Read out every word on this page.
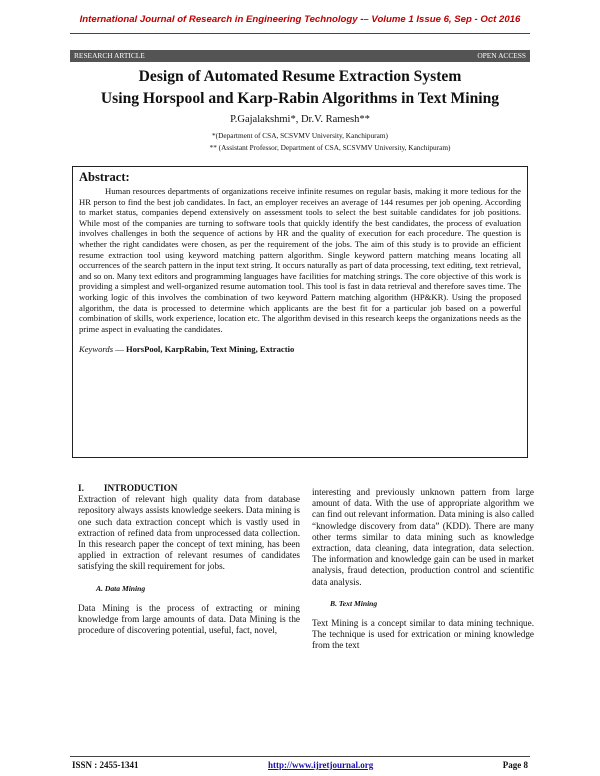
International Journal of Research in Engineering Technology -– Volume 1 Issue 6, Sep - Oct 2016
RESEARCH ARTICLE	OPEN ACCESS
Design of Automated Resume Extraction System
Using Horspool and Karp-Rabin Algorithms in Text Mining
P.Gajalakshmi*, Dr.V. Ramesh**
*(Department of CSA, SCSVMV University, Kanchipuram)
** (Assistant Professor, Department of CSA, SCSVMV University, Kanchipuram)

Abstract:

Human resources departments of organizations receive infinite resumes on regular basis, making it more tedious for the HR person to find the best job candidates. In fact, an employer receives an average of 144 resumes per job opening. According to market status, companies depend extensively on assessment tools to select the best suitable candidates for job positions. While most of the companies are turning to software tools that quickly identify the best candidates, the process of evaluation involves challenges in both the sequence of actions by HR and the quality of execution for each procedure. The question is whether the right candidates were chosen, as per the requirement of the jobs. The aim of this study is to provide an efficient resume extraction tool using keyword matching pattern algorithm. Single keyword pattern matching means locating all occurrences of the search pattern in the input text string. It occurs naturally as part of data processing, text editing, text retrieval, and so on. Many text editors and programming languages have facilities for matching strings. The core objective of this work is providing a simplest and well-organized resume automation tool. This tool is fast in data retrieval and therefore saves time. The working logic of this involves the combination of two keyword Pattern matching algorithm (HP&KR). Using the proposed algorithm, the data is processed to determine which applicants are the best fit for a particular job based on a powerful combination of skills, work experience, location etc. The algorithm devised in this research keeps the organizations needs as the prime aspect in evaluating the candidates.

Keywords — HorsPool, KarpRabin, Text Mining, Extractio
I. INTRODUCTION

Extraction of relevant high quality data from database repository always assists knowledge seekers. Data mining is one such data extraction concept which is vastly used in extraction of refined data from unprocessed data collection. In this research paper the concept of text mining, has been applied in extraction of relevant resumes of candidates satisfying the skill requirement for jobs.

A. Data Mining

Data Mining is the process of extracting or mining knowledge from large amounts of data. Data Mining is the procedure of discovering potential, useful, fact, novel,

interesting and previously unknown pattern from large amount of data. With the use of appropriate algorithm we can find out relevant information. Data mining is also called “knowledge discovery from data” (KDD). There are many other terms similar to data mining such as knowledge extraction, data cleaning, data integration, data selection. The information and knowledge gain can be used in market analysis, fraud detection, production control and scientific data analysis.

B. Text Mining

Text Mining is a concept similar to data mining technique. The technique is used for extrication or mining knowledge from the text

ISSN : 2455-1341	http://www.ijretjournal.org	Page 8
